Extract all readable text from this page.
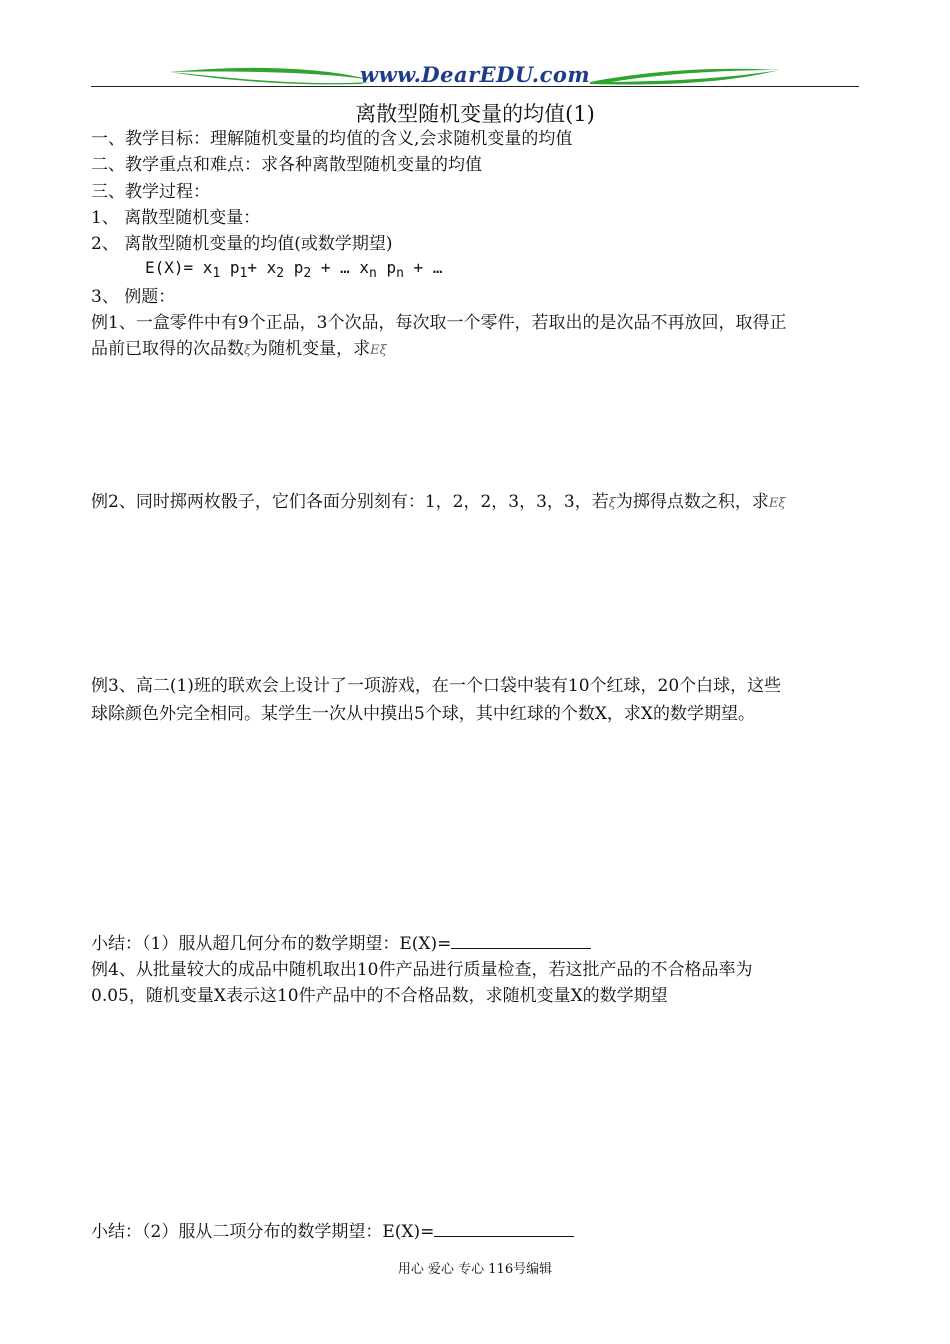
www.DearEDU.com
离散型随机变量的均值(1)
一、教学目标：理解随机变量的均值的含义,会求随机变量的均值
二、教学重点和难点：求各种离散型随机变量的均值
三、教学过程：
1、 离散型随机变量：
2、 离散型随机变量的均值(或数学期望)
$E(X)= x_1$ $p_1+ x_2$ $p_2$ + … $x_n$ $p_n$ + …
3、 例题：
例1、一盒零件中有9个正品，3个次品，每次取一个零件，若取出的是次品不再放回，取得正
品前已取得的次品数ξ为随机变量，求Eξ
例2、同时掷两枚骰子，它们各面分别刻有：1，2，2，3，3，3，若ξ为掷得点数之积，求Eξ
例3、高二(1)班的联欢会上设计了一项游戏，在一个口袋中装有10个红球，20个白球，这些
球除颜色外完全相同。某学生一次从中摸出5个球，其中红球的个数X，求X的数学期望。
小结：（1）服从超几何分布的数学期望：E(X)=
例4、从批量较大的成品中随机取出10件产品进行质量检查，若这批产品的不合格品率为
0.05，随机变量X表示这10件产品中的不合格品数，求随机变量X的数学期望
小结：（2）服从二项分布的数学期望：E(X)=
用心 爱心 专心 116号编辑
